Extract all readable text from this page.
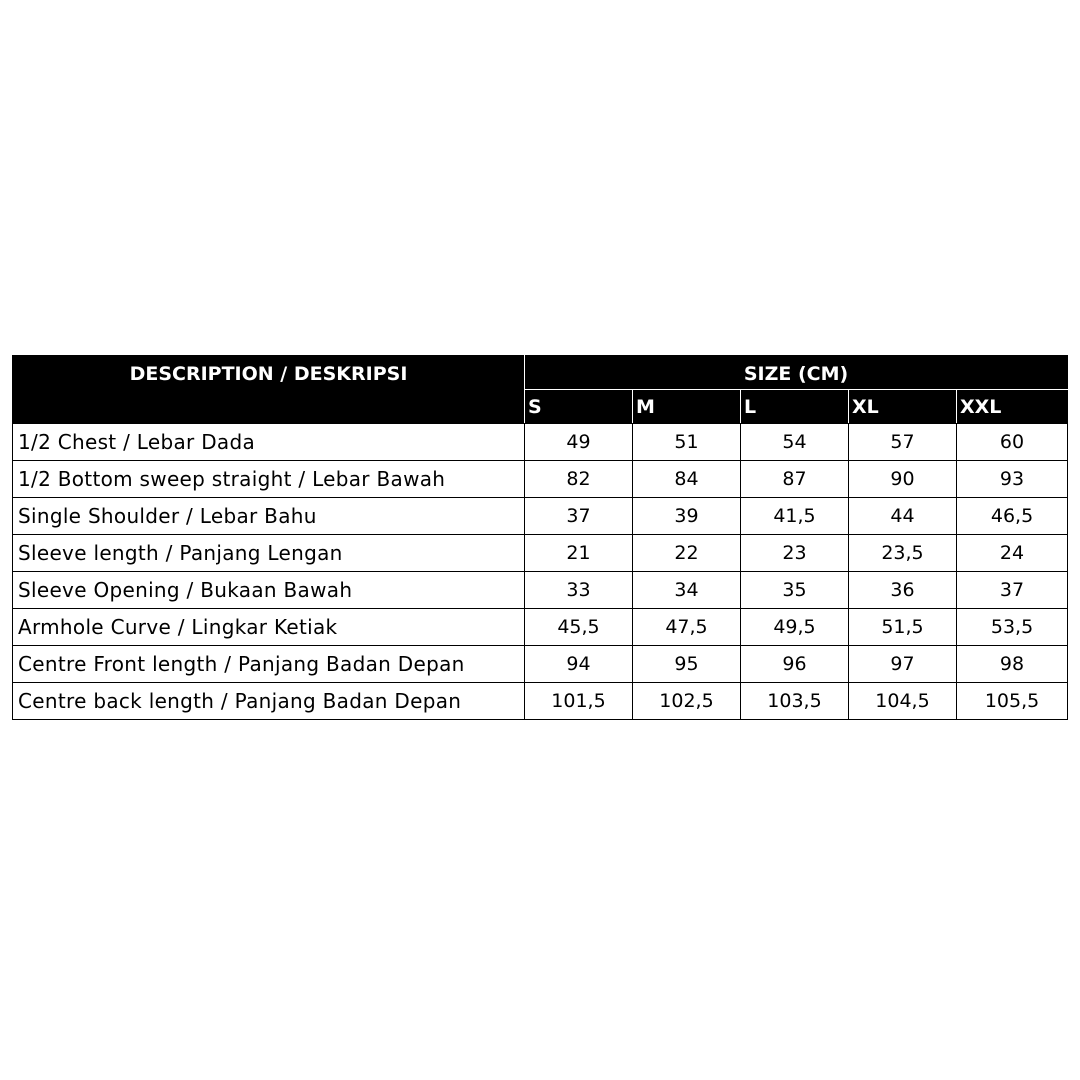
DESCRIPTION / DESKRIPSI	SIZE (CM)				
	S	M	L	XL	XXL
1/2 Chest / Lebar Dada	49	51	54	57	60
1/2 Bottom sweep straight / Lebar Bawah	82	84	87	90	93
Single Shoulder / Lebar Bahu	37	39	41,5	44	46,5
Sleeve length / Panjang Lengan	21	22	23	23,5	24
Sleeve Opening / Bukaan Bawah	33	34	35	36	37
Armhole Curve / Lingkar Ketiak	45,5	47,5	49,5	51,5	53,5
Centre Front length / Panjang Badan Depan	94	95	96	97	98
Centre back length / Panjang Badan Depan	101,5	102,5	103,5	104,5	105,5
